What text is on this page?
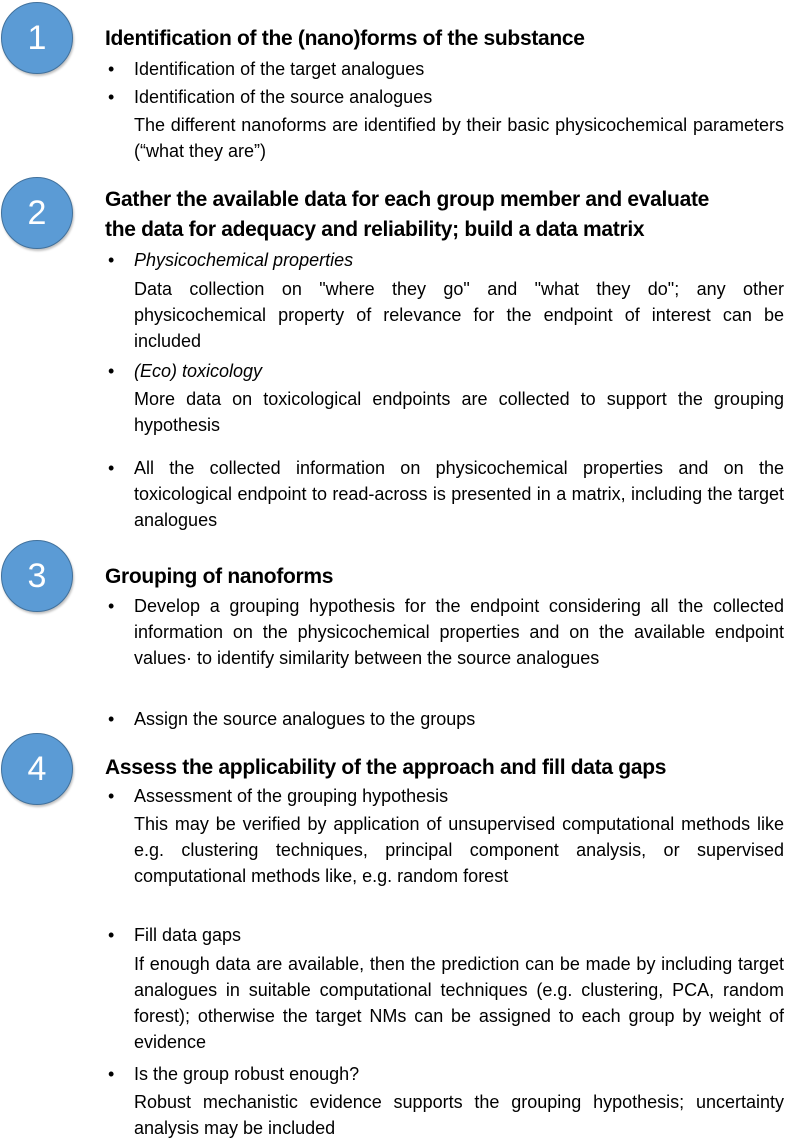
1	Identification of the (nano)forms of the substance
• Identification of the target analogues
• Identification of the source analogues
The different nanoforms are identified by their basic physicochemical parameters (“what they are”)
2	Gather the available data for each group member and evaluate
the data for adequacy and reliability; build a data matrix
• Physicochemical properties
Data collection on "where they go" and "what they do"; any other physicochemical property of relevance for the endpoint of interest can be included
• (Eco) toxicology
More data on toxicological endpoints are collected to support the grouping hypothesis
• All the collected information on physicochemical properties and on the toxicological endpoint to read-across is presented in a matrix, including the target analogues
3	Grouping of nanoforms
• Develop a grouping hypothesis for the endpoint considering all the collected information on the physicochemical properties and on the available endpoint values· to identify similarity between the source analogues
• Assign the source analogues to the groups
4	Assess the applicability of the approach and fill data gaps
• Assessment of the grouping hypothesis
This may be verified by application of unsupervised computational methods like e.g. clustering techniques, principal component analysis, or supervised computational methods like, e.g. random forest
• Fill data gaps
If enough data are available, then the prediction can be made by including target analogues in suitable computational techniques (e.g. clustering, PCA, random forest); otherwise the target NMs can be assigned to each group by weight of evidence
• Is the group robust enough?
Robust mechanistic evidence supports the grouping hypothesis; uncertainty analysis may be included
